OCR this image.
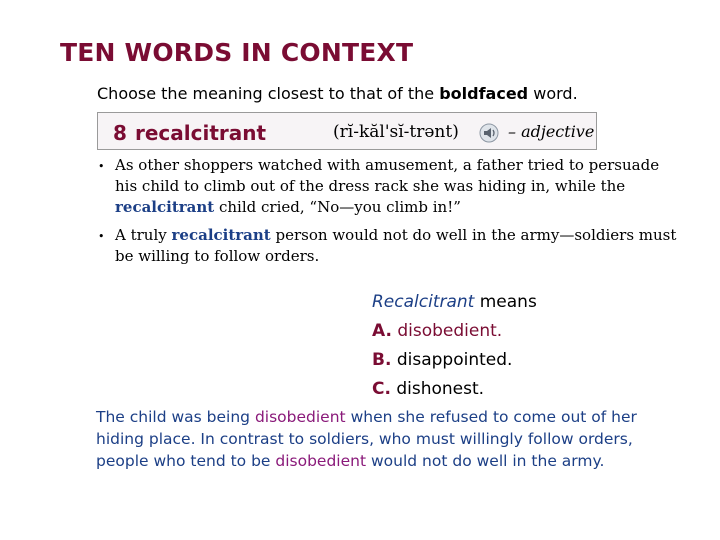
TEN WORDS IN CONTEXT
Choose the meaning closest to that of the boldfaced word.
8 recalcitrant	(rĭ-kăl'sĭ-trənt)	– adjective
• As other shoppers watched with amusement, a father tried to persuade his child to climb out of the dress rack she was hiding in, while the recalcitrant child cried, “No—you climb in!”
• A truly recalcitrant person would not do well in the army—soldiers must be willing to follow orders.
Recalcitrant means
A. disobedient.
B. disappointed.
C. dishonest.
The child was being disobedient when she refused to come out of her hiding place. In contrast to soldiers, who must willingly follow orders, people who tend to be disobedient would not do well in the army.
